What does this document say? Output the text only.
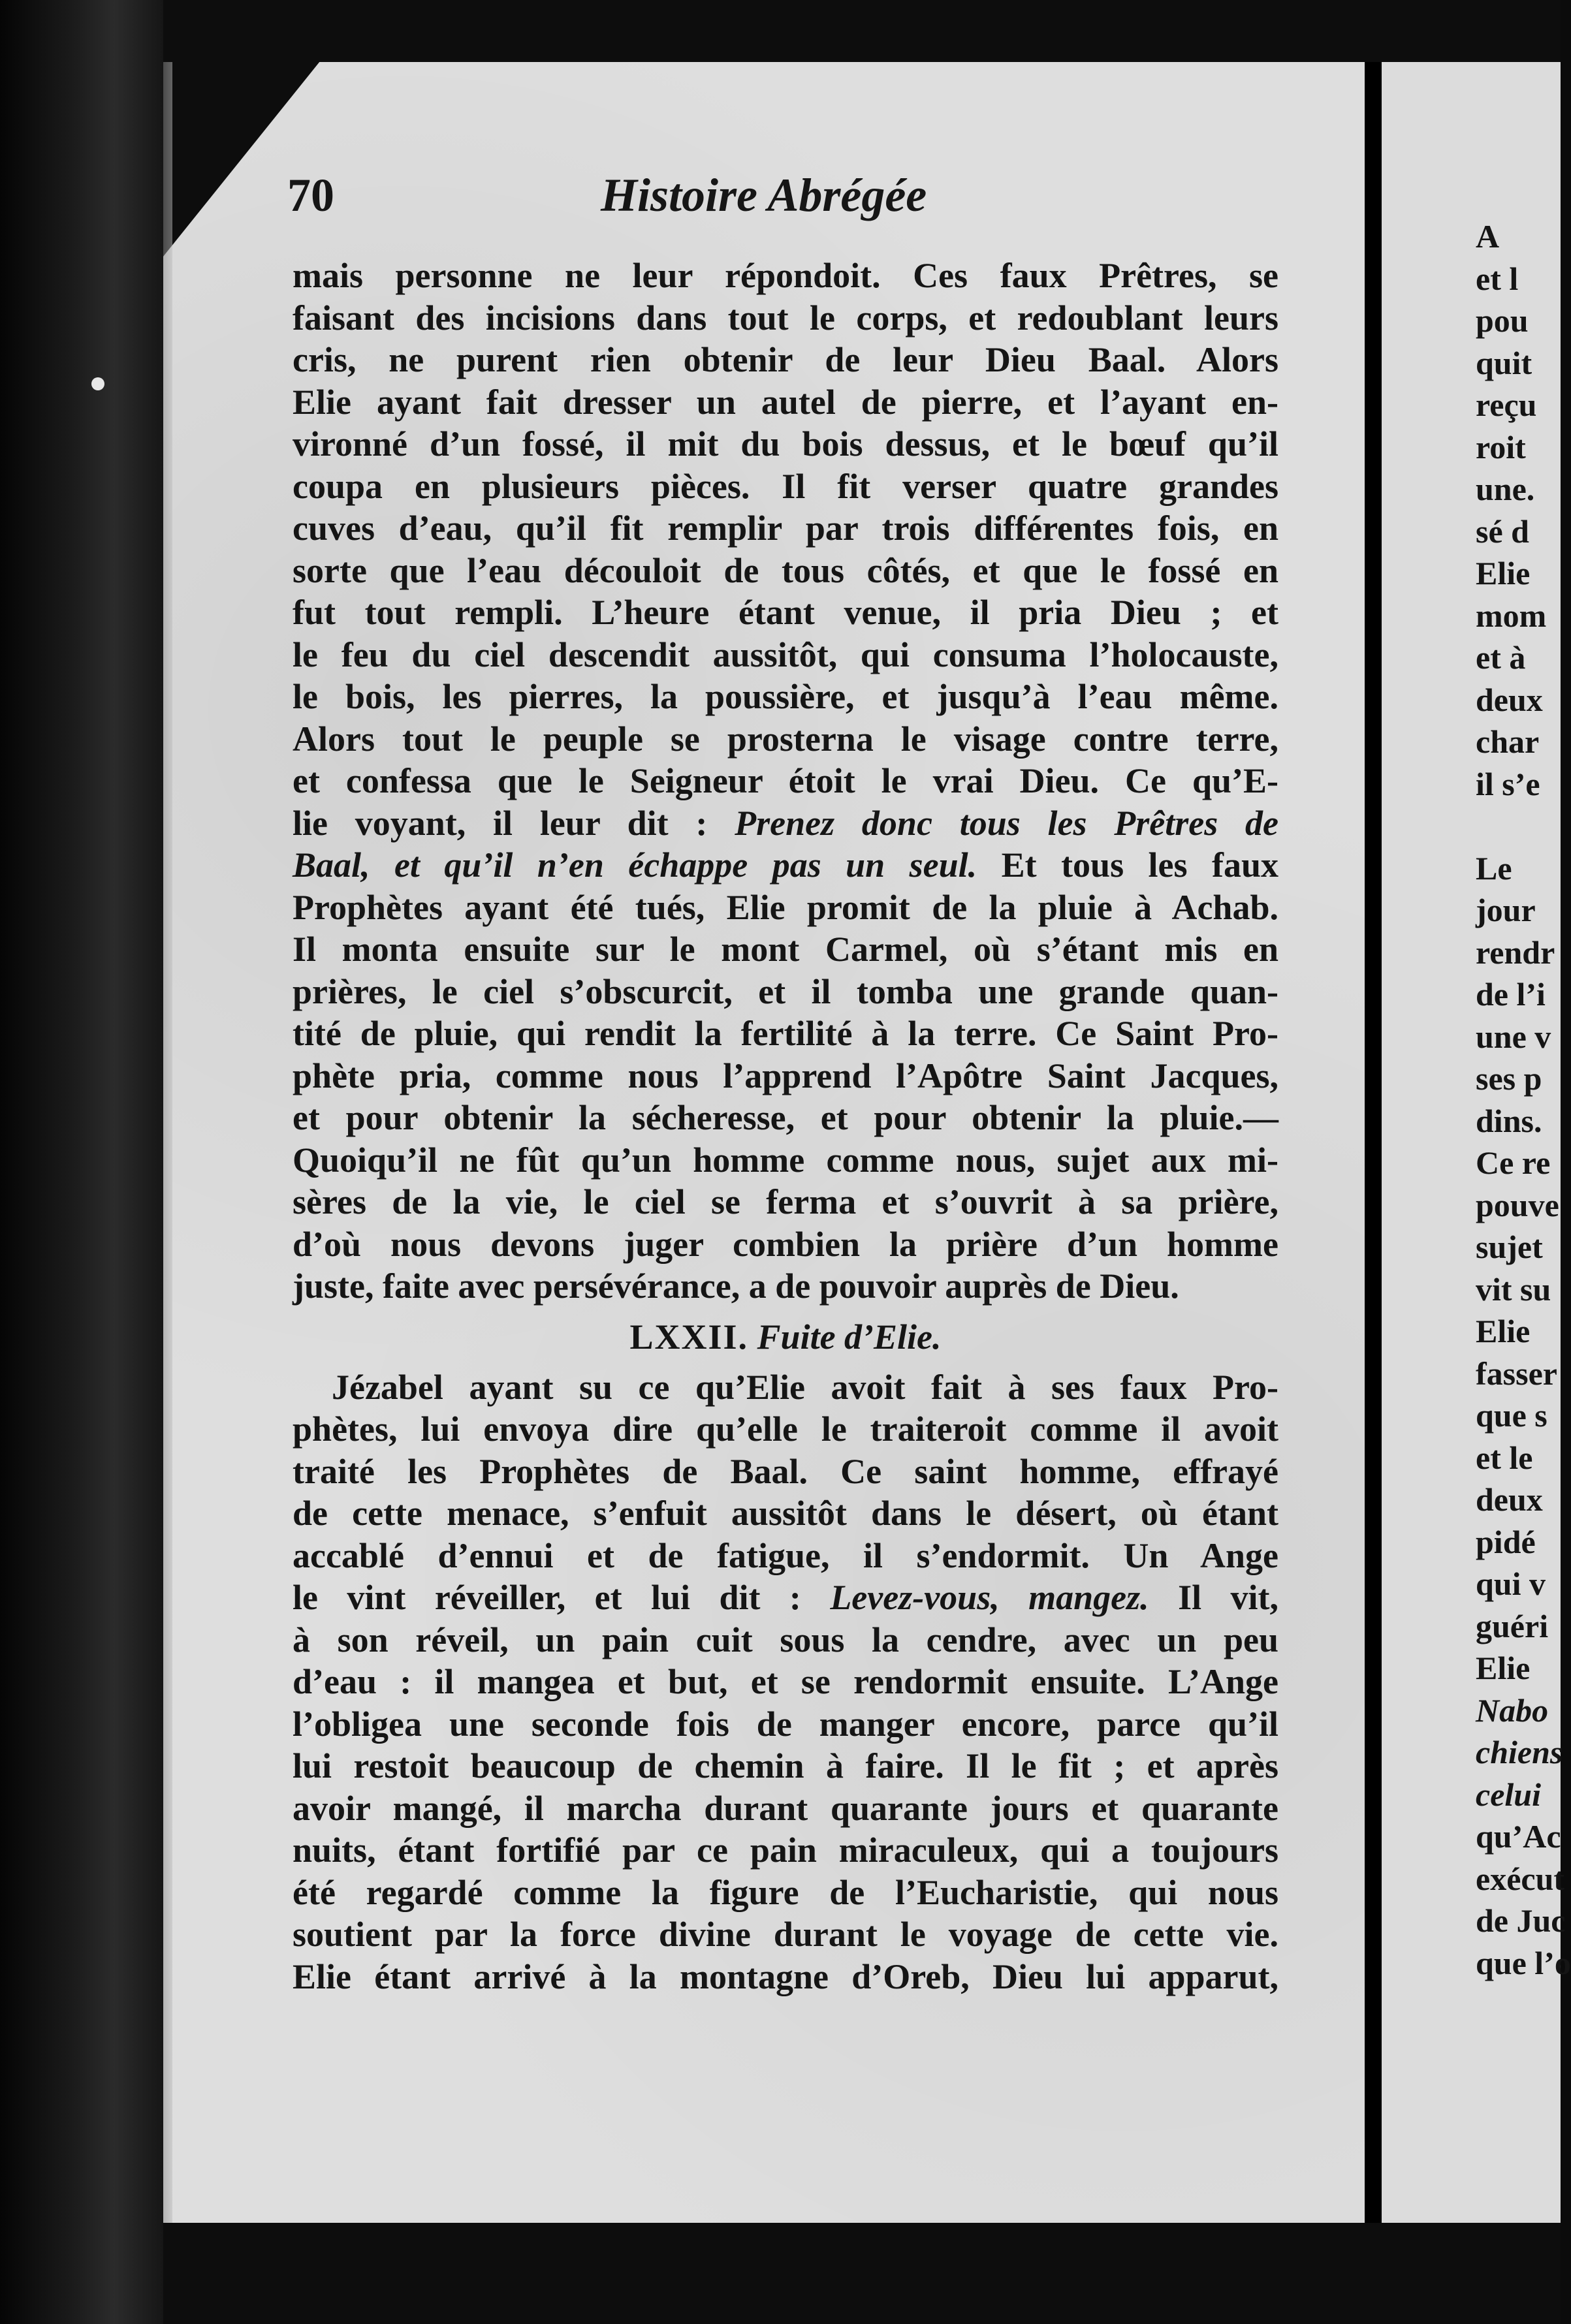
70	Histoire Abrégée
mais personne ne leur répondoit. Ces faux Prêtres, se
faisant des incisions dans tout le corps, et redoublant leurs
cris, ne purent rien obtenir de leur Dieu Baal. Alors
Elie ayant fait dresser un autel de pierre, et l’ayant en-
vironné d’un fossé, il mit du bois dessus, et le bœuf qu’il
coupa en plusieurs pièces. Il fit verser quatre grandes
cuves d’eau, qu’il fit remplir par trois différentes fois, en
sorte que l’eau découloit de tous côtés, et que le fossé en
fut tout rempli. L’heure étant venue, il pria Dieu ; et
le feu du ciel descendit aussitôt, qui consuma l’holocauste,
le bois, les pierres, la poussière, et jusqu’à l’eau même.
Alors tout le peuple se prosterna le visage contre terre,
et confessa que le Seigneur étoit le vrai Dieu. Ce qu’E-
lie voyant, il leur dit : Prenez donc tous les Prêtres de
Baal, et qu’il n’en échappe pas un seul. Et tous les faux
Prophètes ayant été tués, Elie promit de la pluie à Achab.
Il monta ensuite sur le mont Carmel, où s’étant mis en
prières, le ciel s’obscurcit, et il tomba une grande quan-
tité de pluie, qui rendit la fertilité à la terre. Ce Saint Pro-
phète pria, comme nous l’apprend l’Apôtre Saint Jacques,
et pour obtenir la sécheresse, et pour obtenir la pluie.—
Quoiqu’il ne fût qu’un homme comme nous, sujet aux mi-
sères de la vie, le ciel se ferma et s’ouvrit à sa prière,
d’où nous devons juger combien la prière d’un homme
juste, faite avec persévérance, a de pouvoir auprès de Dieu.
LXXII. Fuite d’Elie.
Jézabel ayant su ce qu’Elie avoit fait à ses faux Pro-
phètes, lui envoya dire qu’elle le traiteroit comme il avoit
traité les Prophètes de Baal. Ce saint homme, effrayé
de cette menace, s’enfuit aussitôt dans le désert, où étant
accablé d’ennui et de fatigue, il s’endormit. Un Ange
le vint réveiller, et lui dit : Levez-vous, mangez. Il vit,
à son réveil, un pain cuit sous la cendre, avec un peu
d’eau : il mangea et but, et se rendormit ensuite. L’Ange
l’obligea une seconde fois de manger encore, parce qu’il
lui restoit beaucoup de chemin à faire. Il le fit ; et après
avoir mangé, il marcha durant quarante jours et quarante
nuits, étant fortifié par ce pain miraculeux, qui a toujours
été regardé comme la figure de l’Eucharistie, qui nous
soutient par la force divine durant le voyage de cette vie.
Elie étant arrivé à la montagne d’Oreb, Dieu lui apparut,
A
et l
pou
quit
reçu
roit
une.
sé d
Elie
mom
et à
deux
char
il s’e
Le
jour
rendr
de l’i
une v
ses p
dins.
Ce re
pouve
sujet
vit su
Elie
fasser
que s
et le
deux
pidé
qui v
guéri
Elie
Nabo
chiens
celui
qu’Ac
exécut
de Juc
que l’o
